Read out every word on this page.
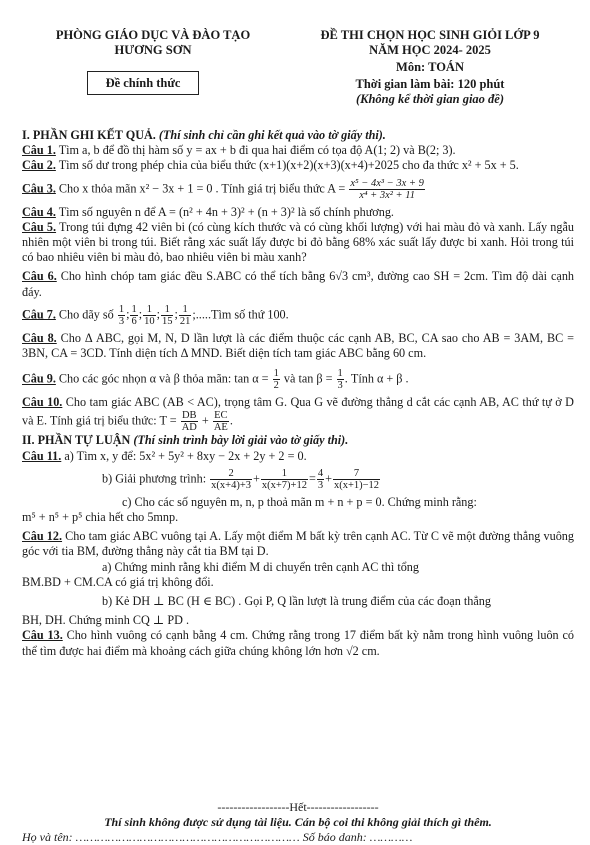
PHÒNG GIÁO DỤC VÀ ĐÀO TẠO
HƯƠNG SƠN
ĐỀ THI CHỌN HỌC SINH GIỎI LỚP 9
NĂM HỌC 2024- 2025
Môn: TOÁN
Thời gian làm bài: 120 phút
(Không kể thời gian giao đề)
Đề chính thức

I. PHẦN GHI KẾT QUẢ. (Thí sinh chỉ cần ghi kết quả vào tờ giấy thi).

Câu 1. Tìm a, b để đồ thị hàm số y = ax + b đi qua hai điểm có tọa độ A(1; 2) và B(2; 3).

Câu 2. Tìm số dư trong phép chia của biểu thức (x+1)(x+2)(x+3)(x+4)+2025 cho đa thức x² + 5x + 5.

Câu 3. Cho x thỏa mãn x² − 3x + 1 = 0 . Tính giá trị biểu thức $A = \frac{\text{x⁵ − 4x³ − 3x + 9}}{\text{x⁴ + 3x² + 11}}$

Câu 4. Tìm số nguyên n để A = (n² + 4n + 3)² + (n + 3)² là số chính phương.

Câu 5. Trong túi đựng 42 viên bi (có cùng kích thước và có cùng khối lượng) với hai màu đỏ và xanh. Lấy ngẫu nhiên một viên bi trong túi. Biết rằng xác suất lấy được bi đỏ bằng 68% xác suất lấy được bi xanh. Hỏi trong túi có bao nhiêu viên bi màu đỏ, bao nhiêu viên bi màu xanh?

Câu 6. Cho hình chóp tam giác đều S.ABC có thể tích bằng 6√3 cm³, đường cao SH = 2cm. Tìm độ dài cạnh đáy.

Câu 7. Cho dãy số $\frac{1}{3}$ ; $\frac{1}{6}$ ; $\frac{1}{10}$ ; $\frac{1}{15}$ ; $\frac{1}{21}$ ;.....Tìm số thứ 100.

Câu 8. Cho Δ ABC, gọi M, N, D lần lượt là các điểm thuộc các cạnh AB, BC, CA sao cho AB = 3AM, BC = 3BN, CA = 3CD. Tính diện tích Δ MND. Biết diện tích tam giác ABC bằng 60 cm.

Câu 9. Cho các góc nhọn α và β thỏa mãn: $\tan \alpha = \frac{1}{2}$ và $\tan \beta = \frac{1}{3}$ . Tính α + β .

Câu 10. Cho tam giác ABC (AB < AC), trọng tâm G. Qua G vẽ đường thẳng d cắt các cạnh AB, AC thứ tự ở D và E. Tính giá trị biểu thức: $T = \frac{DB}{AD} + \frac{EC}{AE}$ .

II. PHẦN TỰ LUẬN (Thí sinh trình bày lời giải vào tờ giấy thi).

Câu 11. a) Tìm x, y để: 5x² + 5y² + 8xy − 2x + 2y + 2 = 0.

b) Giải phương trình: $\frac{2}{x(x+4)+3} + \frac{1}{x(x+7)+12} = \frac{4}{3} + \frac{7}{x(x+1)-12}$

c) Cho các số nguyên m, n, p thoả mãn m + n + p = 0. Chứng minh rằng:

m⁵ + n⁵ + p⁵ chia hết cho 5mnp.

Câu 12. Cho tam giác ABC vuông tại A. Lấy một điểm M bất kỳ trên cạnh AC. Từ C vẽ một đường thẳng vuông góc với tia BM, đường thẳng này cắt tia BM tại D.

a) Chứng minh rằng khi điểm M di chuyển trên cạnh AC thì tổng

BM.BD + CM.CA có giá trị không đổi.

b) Kẻ DH ⊥ BC (H ∈ BC) . Gọi P, Q lần lượt là trung điểm của các đoạn thẳng

BH, DH. Chứng minh CQ ⊥ PD .

Câu 13. Cho hình vuông có cạnh bằng 4 cm. Chứng rằng trong 17 điểm bất kỳ nằm trong hình vuông luôn có thể tìm được hai điểm mà khoảng cách giữa chúng không lớn hơn √2 cm.

------------------Hết------------------
Thí sinh không được sử dụng tài liệu. Cán bộ coi thi không giải thích gì thêm.
Họ và tên: ……………………………………………………… Số báo danh: …………
